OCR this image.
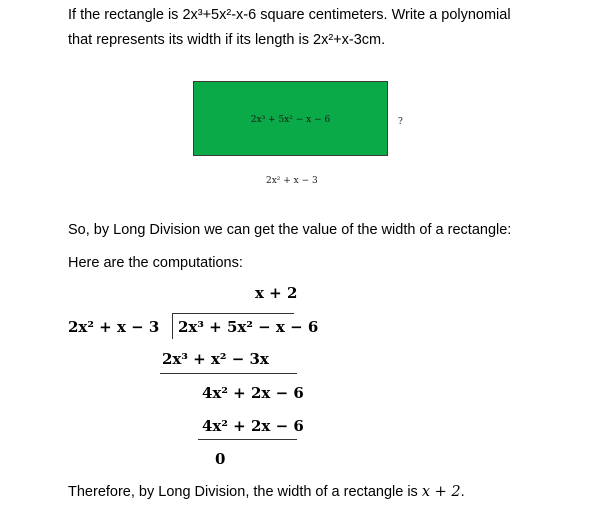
If the rectangle is 2x³+5x²-x-6 square centimeters. Write a polynomial
that represents its width if its length is 2x²+x-3cm.
2x³ + 5x² − x − 6	?
2x² + x − 3
So, by Long Division we can get the value of the width of a rectangle:
Here are the computations:
x + 2
2x² + x − 3 2x³ + 5x² − x − 6
2x³ + x² − 3x
4x² + 2x − 6
4x² + 2x − 6
0
Therefore, by Long Division, the width of a rectangle is x + 2.
